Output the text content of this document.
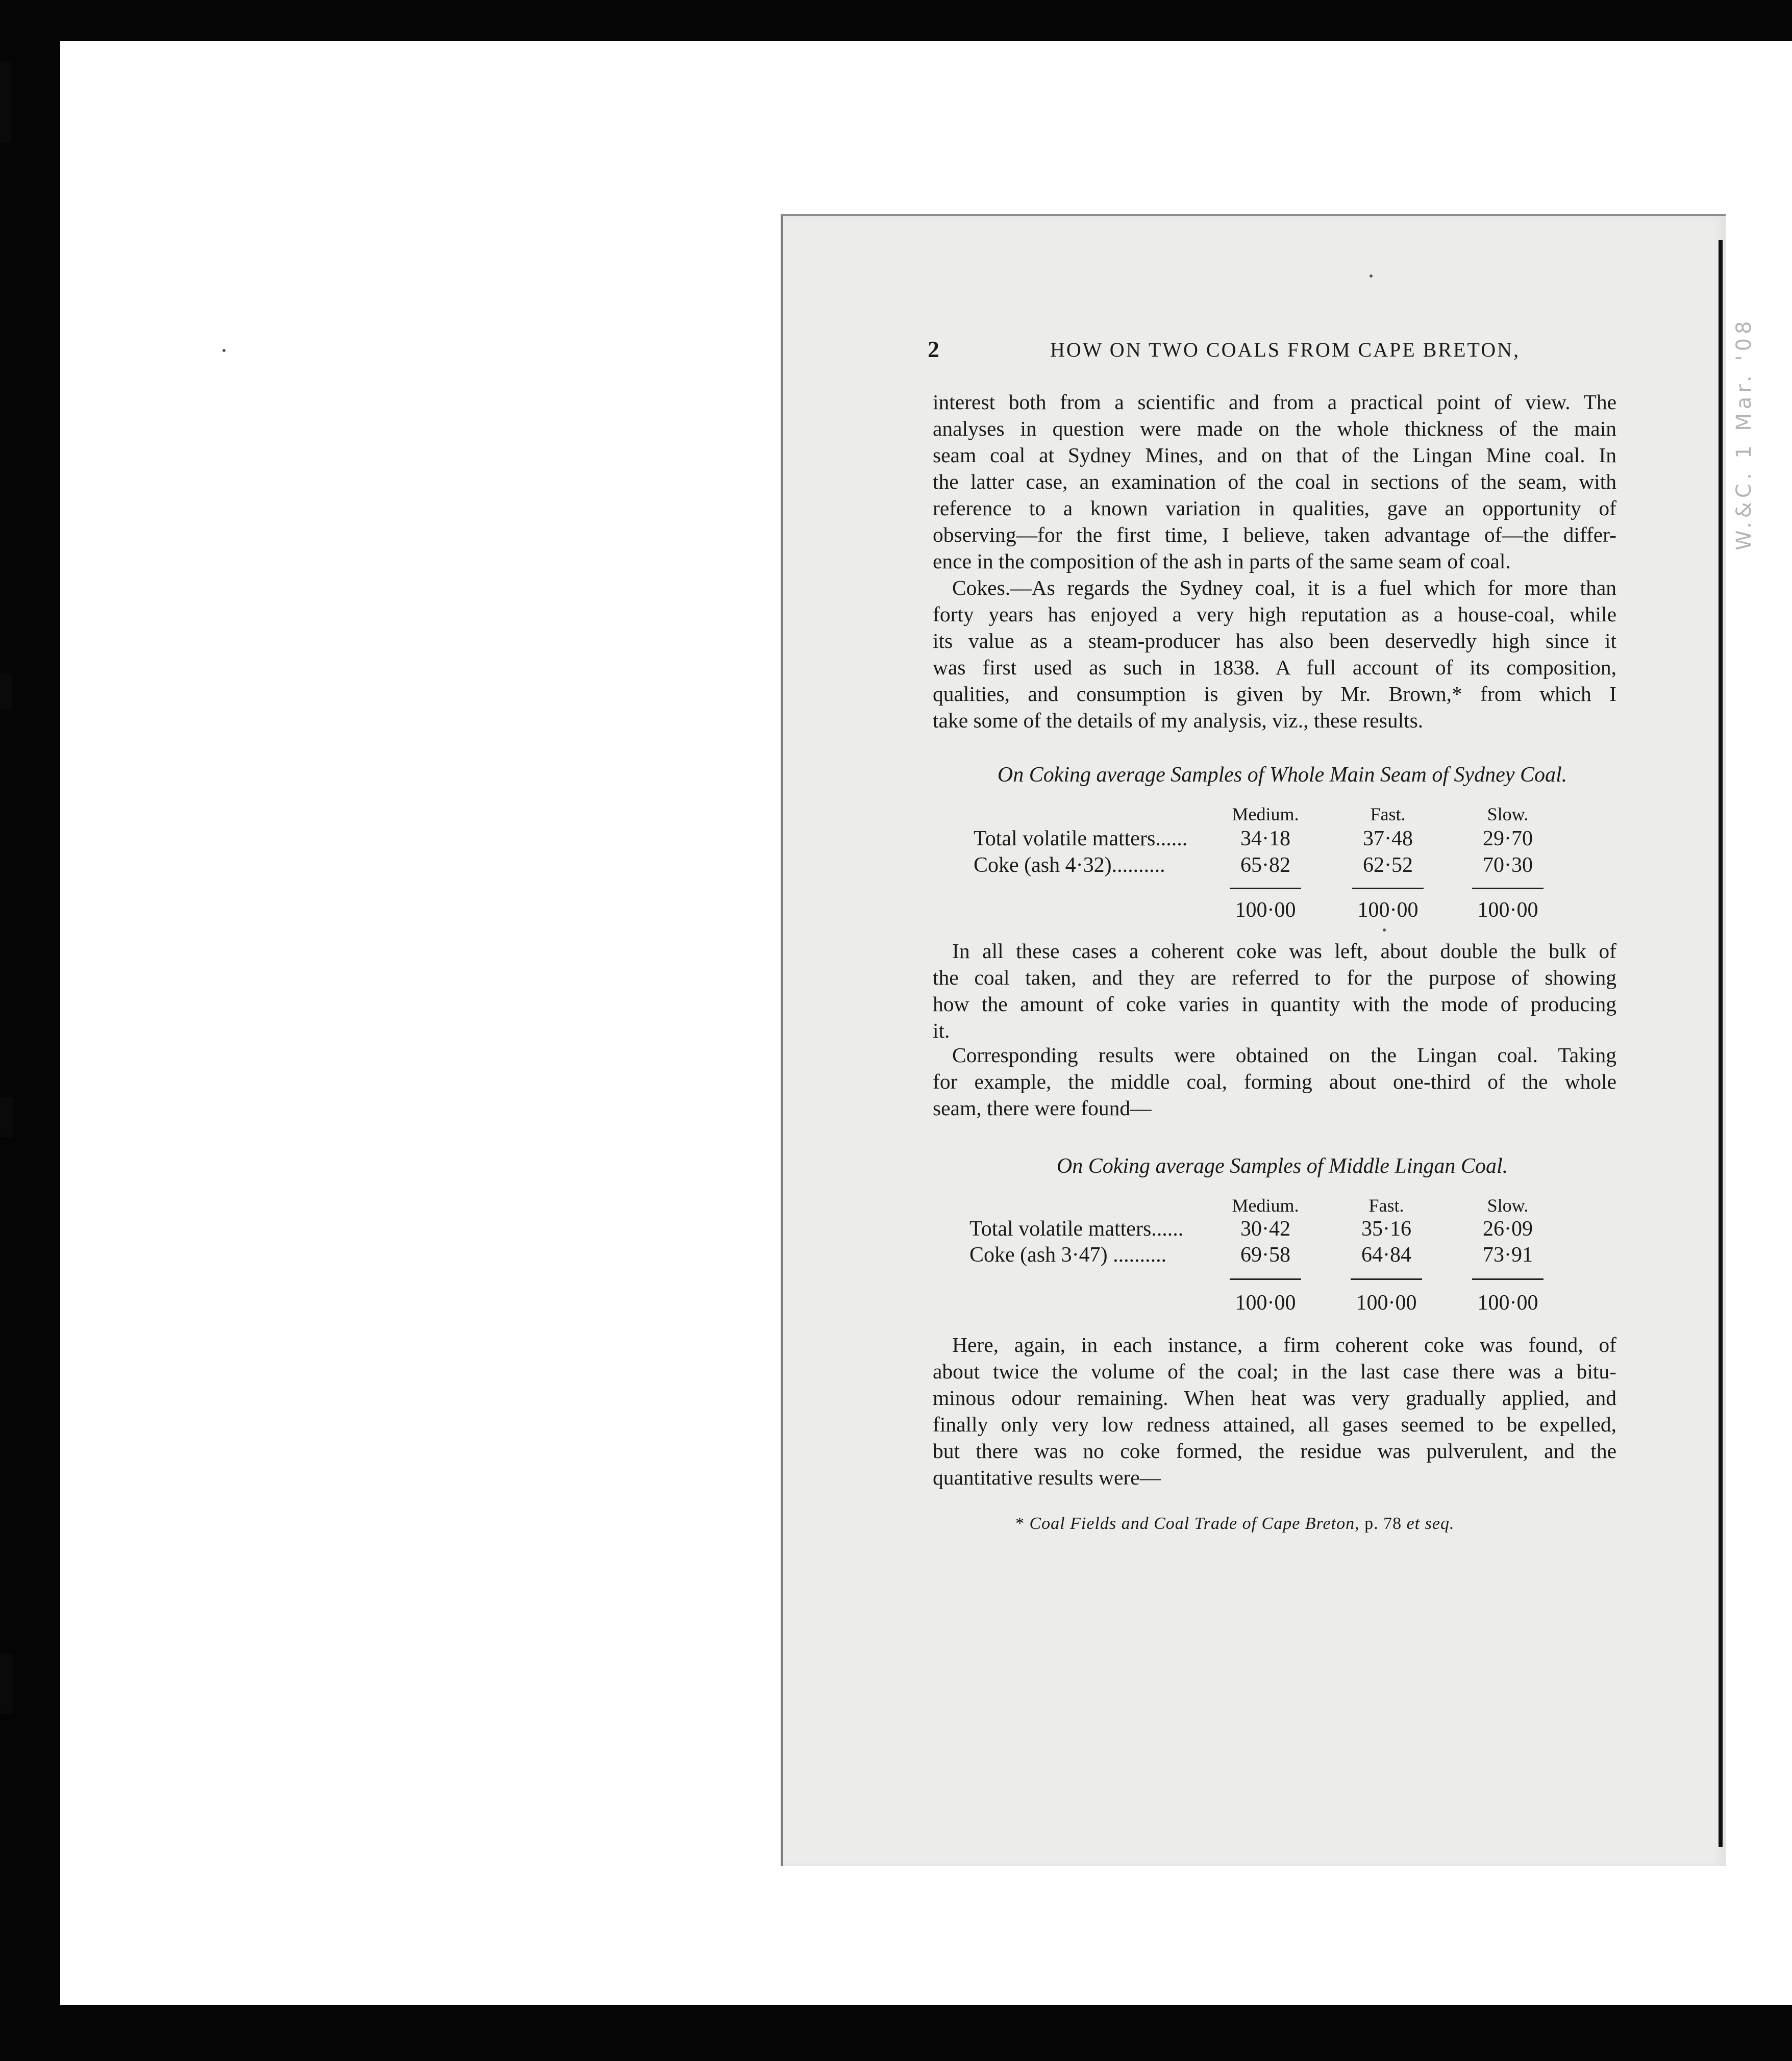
W.&C. 1 Mar. '08
2	HOW ON TWO COALS FROM CAPE BRETON,
interest both from a scientific and from a practical point of view. The
analyses in question were made on the whole thickness of the main
seam coal at Sydney Mines, and on that of the Lingan Mine coal. In
the latter case, an examination of the coal in sections of the seam, with
reference to a known variation in qualities, gave an opportunity of
observing—for the first time, I believe, taken advantage of—the differ-
ence in the composition of the ash in parts of the same seam of coal.
Cokes.—As regards the Sydney coal, it is a fuel which for more than
forty years has enjoyed a very high reputation as a house-coal, while
its value as a steam-producer has also been deservedly high since it
was first used as such in 1838. A full account of its composition,
qualities, and consumption is given by Mr. Brown,* from which I
take some of the details of my analysis, viz., these results.
On Coking average Samples of Whole Main Seam of Sydney Coal.
Medium.	Fast.	Slow.
Total volatile matters......	34·18	37·48	29·70
Coke (ash 4·32)..........	65·82	62·52	70·30
100·00	100·00	100·00
In all these cases a coherent coke was left, about double the bulk of
the coal taken, and they are referred to for the purpose of showing
how the amount of coke varies in quantity with the mode of producing
it.
Corresponding results were obtained on the Lingan coal. Taking
for example, the middle coal, forming about one-third of the whole
seam, there were found—
On Coking average Samples of Middle Lingan Coal.
Medium.	Fast.	Slow.
Total volatile matters......	30·42	35·16	26·09
Coke (ash 3·47) ..........	69·58	64·84	73·91
100·00	100·00	100·00
Here, again, in each instance, a firm coherent coke was found, of
about twice the volume of the coal; in the last case there was a bitu-
minous odour remaining. When heat was very gradually applied, and
finally only very low redness attained, all gases seemed to be expelled,
but there was no coke formed, the residue was pulverulent, and the
quantitative results were—
* Coal Fields and Coal Trade of Cape Breton, p. 78 et seq.
